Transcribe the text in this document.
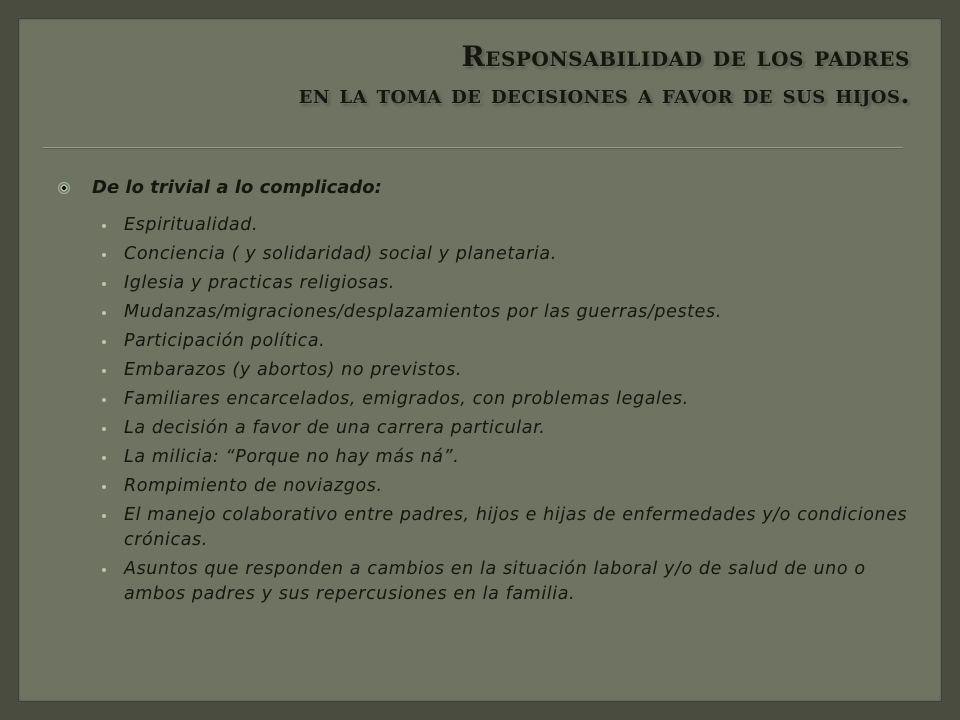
Responsabilidad de los padres
en la toma de decisiones a favor de sus hijos.
De lo trivial a lo complicado:
Espiritualidad.
Conciencia ( y solidaridad) social y planetaria.
Iglesia y practicas religiosas.
Mudanzas/migraciones/desplazamientos por las guerras/pestes.
Participación política.
Embarazos (y abortos) no previstos.
Familiares encarcelados, emigrados, con problemas legales.
La decisión a favor de una carrera particular.
La milicia: “Porque no hay más ná”.
Rompimiento de noviazgos.
El manejo colaborativo entre padres, hijos e hijas de enfermedades y/o condiciones crónicas.
Asuntos que responden a cambios en la situación laboral y/o de salud de uno o ambos padres y sus repercusiones en la familia.
